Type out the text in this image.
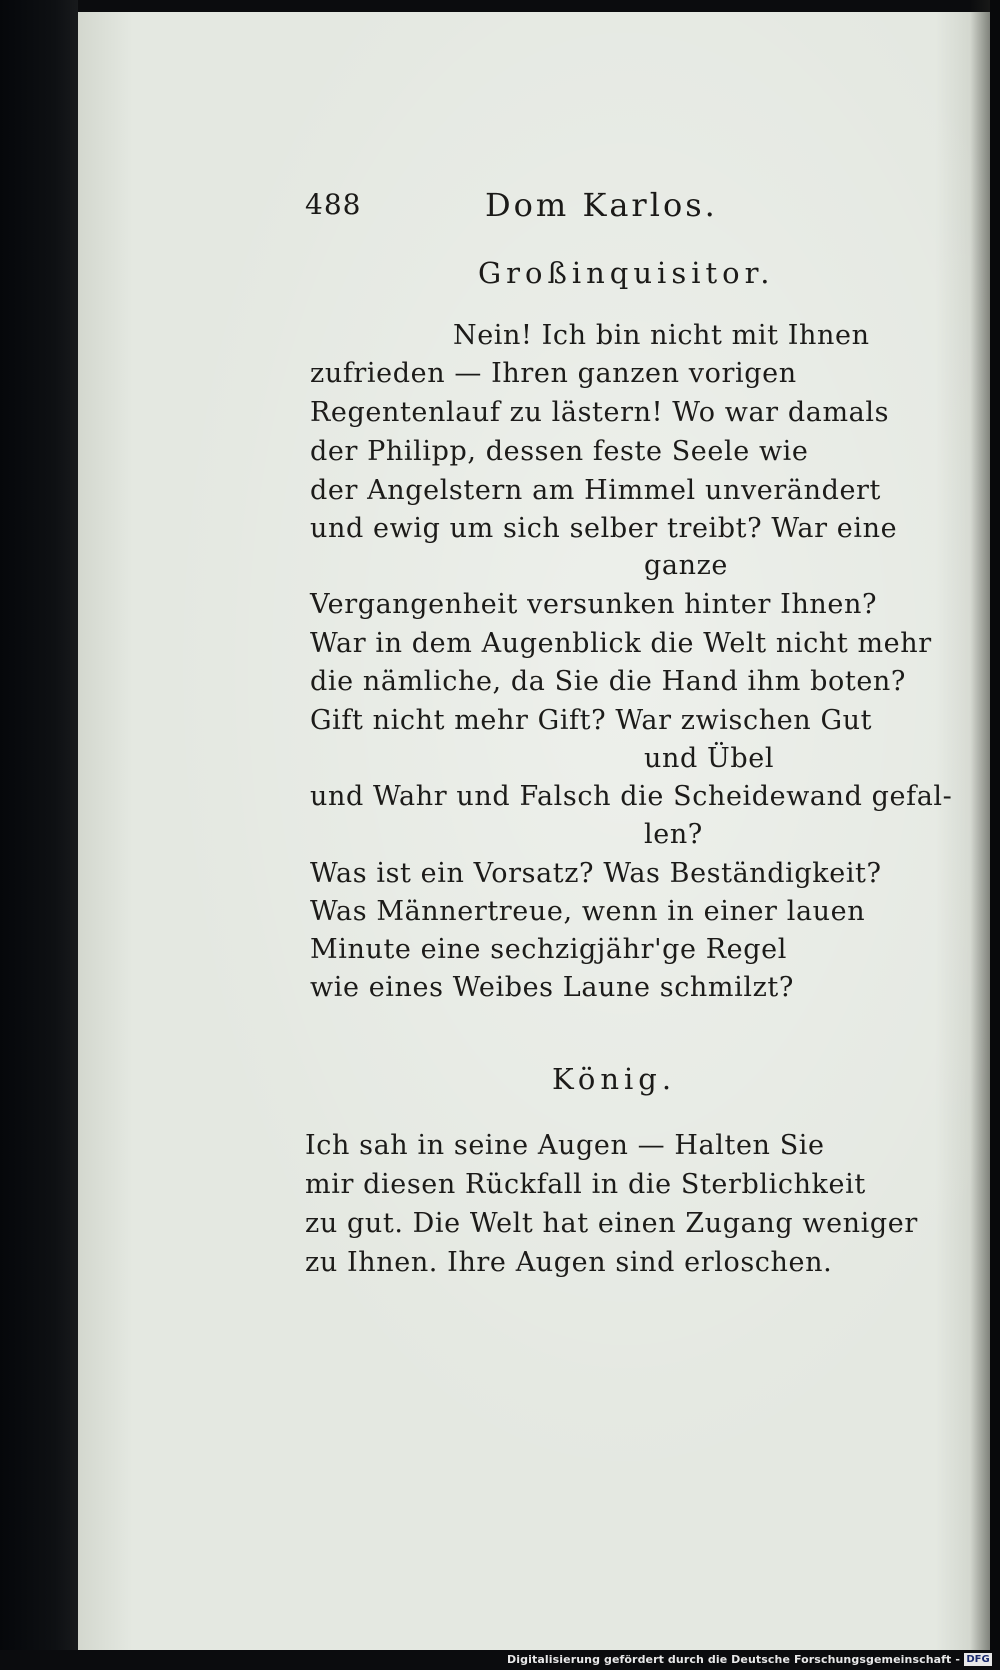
488	Dom Karlos.
Großinquisitor.
Nein! Ich bin nicht mit Ihnen
zufrieden — Ihren ganzen vorigen
Regentenlauf zu lästern! Wo war damals
der Philipp, dessen feste Seele wie
der Angelstern am Himmel unverändert
und ewig um sich selber treibt? War eine
ganze
Vergangenheit versunken hinter Ihnen?
War in dem Augenblick die Welt nicht mehr
die nämliche, da Sie die Hand ihm boten?
Gift nicht mehr Gift? War zwischen Gut
und Übel
und Wahr und Falsch die Scheidewand gefal-
len?
Was ist ein Vorsatz? Was Beständigkeit?
Was Männertreue, wenn in einer lauen
Minute eine sechzigjähr'ge Regel
wie eines Weibes Laune schmilzt?
König.
Ich sah in seine Augen — Halten Sie
mir diesen Rückfall in die Sterblichkeit
zu gut. Die Welt hat einen Zugang weniger
zu Ihnen. Ihre Augen sind erloschen.
Digitalisierung gefördert durch die Deutsche Forschungsgemeinschaft - DFG
